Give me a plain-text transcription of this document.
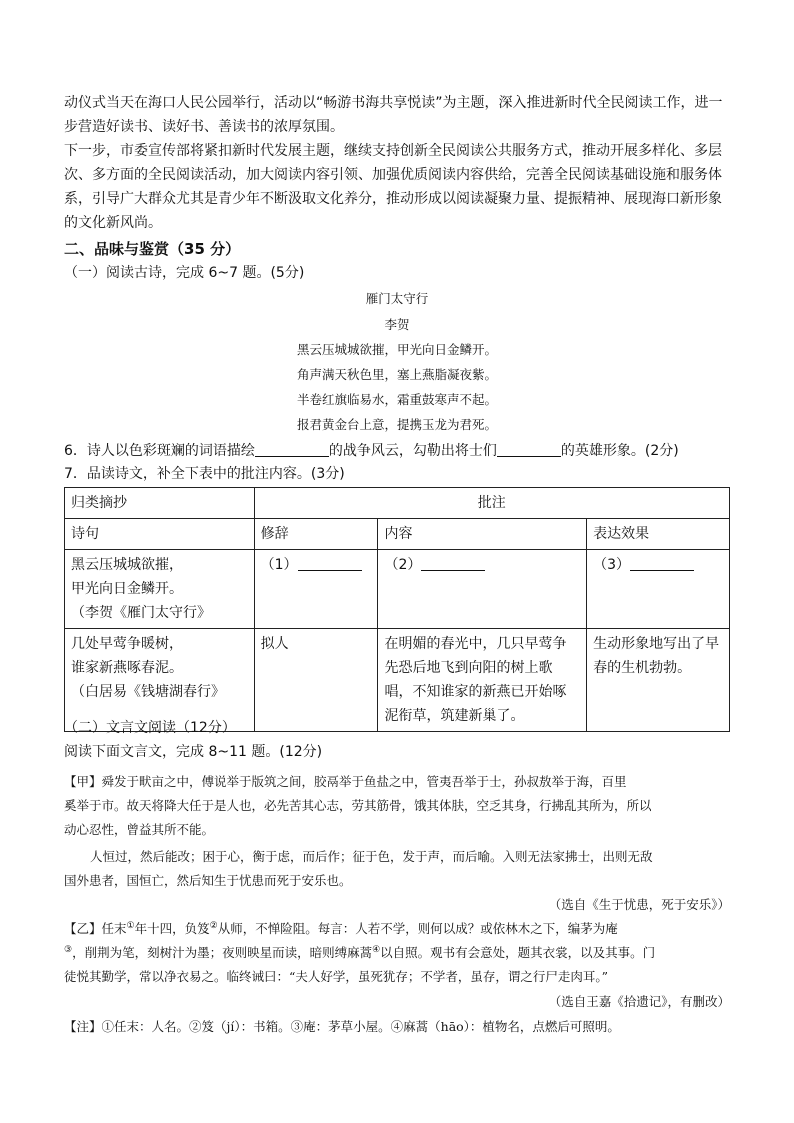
动仪式当天在海口人民公园举行，活动以“畅游书海共享悦读”为主题，深入推进新时代全民阅读工作，进一

步营造好读书、读好书、善读书的浓厚氛围。

下一步，市委宣传部将紧扣新时代发展主题，继续支持创新全民阅读公共服务方式，推动开展多样化、多层

次、多方面的全民阅读活动，加大阅读内容引领、加强优质阅读内容供给，完善全民阅读基础设施和服务体

系，引导广大群众尤其是青少年不断汲取文化养分，推动形成以阅读凝聚力量、提振精神、展现海口新形象

的文化新风尚。

二、品味与鉴赏（35 分）

（一）阅读古诗，完成 6~7 题。(5分)

雁门太守行
李贺
黑云压城城欲摧，甲光向日金鳞开。
角声满天秋色里，塞上燕脂凝夜紫。
半卷红旗临易水，霜重鼓寒声不起。
报君黄金台上意，提携玉龙为君死。

6．诗人以色彩斑斓的词语描绘	的战争风云，勾勒出将士们	的英雄形象。(2分)

7．品读诗文，补全下表中的批注内容。(3分)

归类摘抄	批注		
诗句	修辞	内容	表达效果

黑云压城城欲摧，
甲光向日金鳞开。
（李贺《雁门太守行》	（1）	（2）	（3）

几处早莺争暖树，
谁家新燕啄春泥。
（白居易《钱塘湖春行》	拟人	在明媚的春光中，几只早莺争先恐后地飞到向阳的树上歌唱，不知谁家的新燕已开始啄泥衔草，筑建新巢了。	生动形象地写出了早春的生机勃勃。

（二）文言文阅读（12分）

阅读下面文言文，完成 8~11 题。(12分)

【甲】舜发于畎亩之中，傅说举于版筑之间，胶鬲举于鱼盐之中，管夷吾举于士，孙叔敖举于海，百里

奚举于市。故天将降大任于是人也，必先苦其心志，劳其筋骨，饿其体肤，空乏其身，行拂乱其所为，所以

动心忍性，曾益其所不能。

人恒过，然后能改；困于心，衡于虑，而后作；征于色，发于声，而后喻。入则无法家拂士，出则无敌

国外患者，国恒亡，然后知生于忧患而死于安乐也。

（选自《生于忧患，死于安乐》）

【乙】任末①年十四，负笈②从师，不惮险阻。每言：人若不学，则何以成？或依林木之下，编茅为庵

③，削荆为笔，刻树汁为墨；夜则映星而读，暗则缚麻蒿④以自照。观书有会意处，题其衣裳，以及其事。门

徒悦其勤学，常以净衣易之。临终诫曰：“夫人好学，虽死犹存；不学者，虽存，谓之行尸走肉耳。”

（选自王嘉《拾遗记》，有删改）

【注】①任末：人名。②笈（jí）：书箱。③庵：茅草小屋。④麻蒿（hāo）：植物名，点燃后可照明。
